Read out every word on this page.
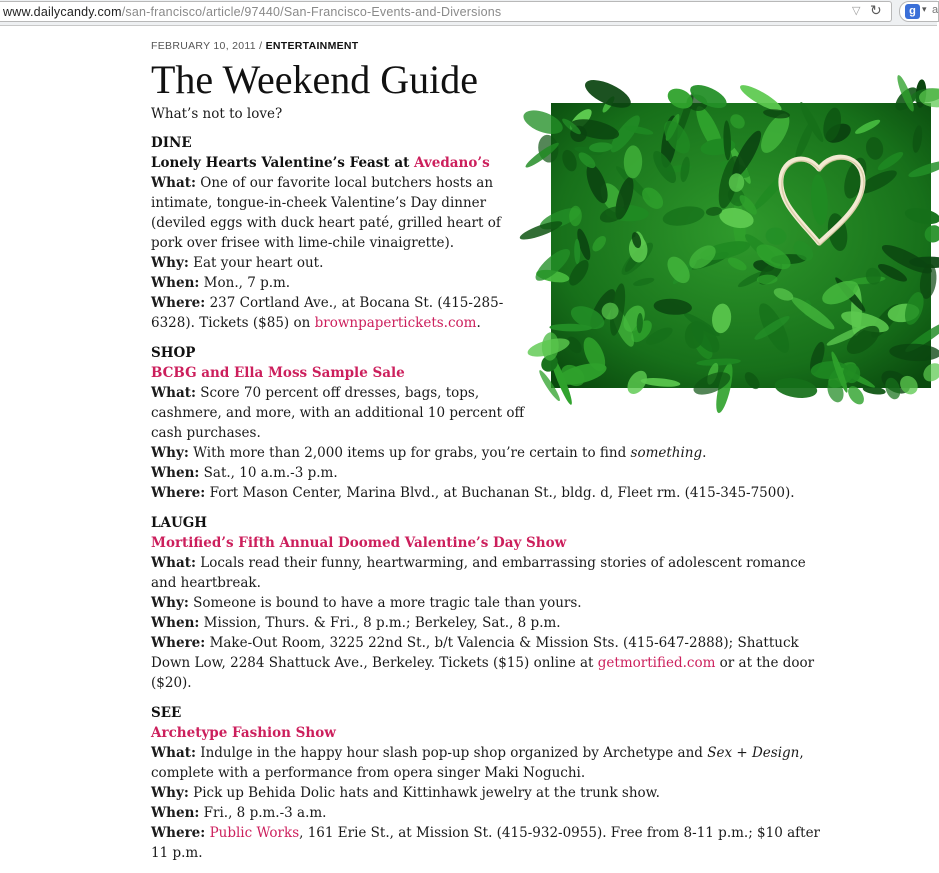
www.dailycandy.com/san-francisco/article/97440/San-Francisco-Events-and-Diversions	▽ ↻	g ▾ a
FEBRUARY 10, 2011 / ENTERTAINMENT
The Weekend Guide
What’s not to love?
DINE
Lonely Hearts Valentine’s Feast at Avedano’s
What: One of our favorite local butchers hosts an intimate, tongue-in-cheek Valentine’s Day dinner (deviled eggs with duck heart paté, grilled heart of pork over frisee with lime-chile vinaigrette).
Why: Eat your heart out.
When: Mon., 7 p.m.
Where: 237 Cortland Ave., at Bocana St. (415-285-6328). Tickets ($85) on brownpapertickets.com.
SHOP
BCBG and Ella Moss Sample Sale
What: Score 70 percent off dresses, bags, tops, cashmere, and more, with an additional 10 percent off cash purchases.
Why: With more than 2,000 items up for grabs, you’re certain to find something.
When: Sat., 10 a.m.-3 p.m.
Where: Fort Mason Center, Marina Blvd., at Buchanan St., bldg. d, Fleet rm. (415-345-7500).
LAUGH
Mortified’s Fifth Annual Doomed Valentine’s Day Show
What: Locals read their funny, heartwarming, and embarrassing stories of adolescent romance and heartbreak.
Why: Someone is bound to have a more tragic tale than yours.
When: Mission, Thurs. & Fri., 8 p.m.; Berkeley, Sat., 8 p.m.
Where: Make-Out Room, 3225 22nd St., b/t Valencia & Mission Sts. (415-647-2888); Shattuck Down Low, 2284 Shattuck Ave., Berkeley. Tickets ($15) online at getmortified.com or at the door ($20).
SEE
Archetype Fashion Show
What: Indulge in the happy hour slash pop-up shop organized by Archetype and Sex + Design, complete with a performance from opera singer Maki Noguchi.
Why: Pick up Behida Dolic hats and Kittinhawk jewelry at the trunk show.
When: Fri., 8 p.m.-3 a.m.
Where: Public Works, 161 Erie St., at Mission St. (415-932-0955). Free from 8-11 p.m.; $10 after 11 p.m.
